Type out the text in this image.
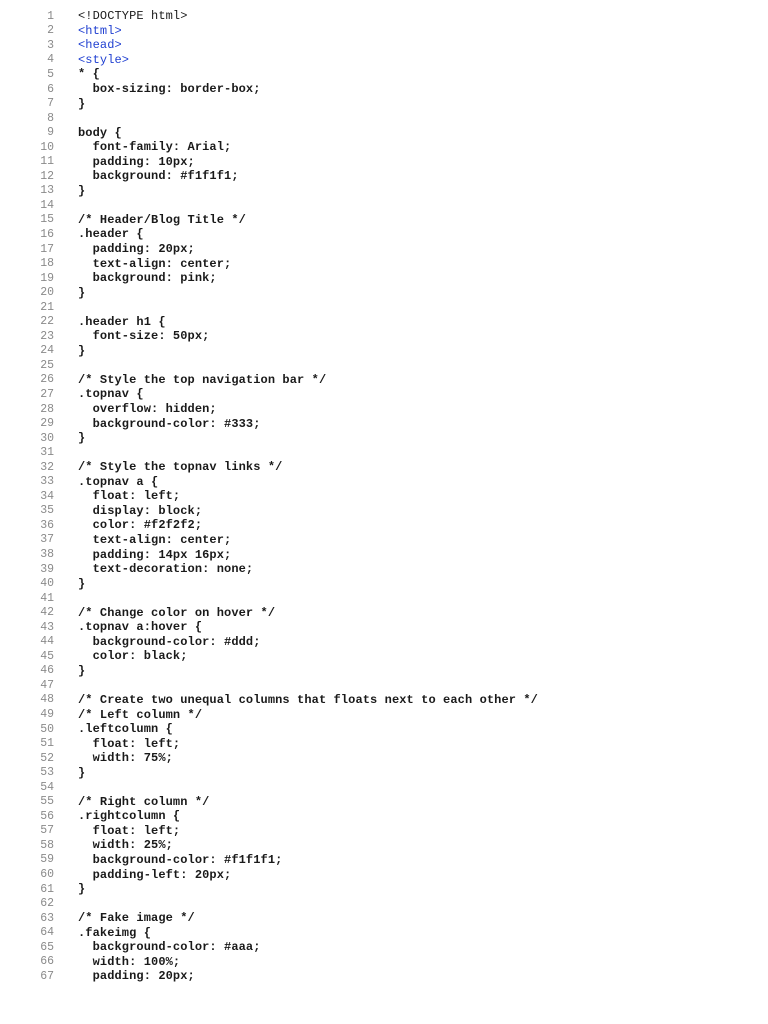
1	<!DOCTYPE html>
2	<html>
3	<head>
4	<style>
5	* {
6	box-sizing: border-box;
7	}
8
9	body {
10	font-family: Arial;
11	padding: 10px;
12	background: #f1f1f1;
13	}
14
15	/* Header/Blog Title */
16	.header {
17	padding: 20px;
18	text-align: center;
19	background: pink;
20	}
21
22	.header h1 {
23	font-size: 50px;
24	}
25
26	/* Style the top navigation bar */
27	.topnav {
28	overflow: hidden;
29	background-color: #333;
30	}
31
32	/* Style the topnav links */
33	.topnav a {
34	float: left;
35	display: block;
36	color: #f2f2f2;
37	text-align: center;
38	padding: 14px 16px;
39	text-decoration: none;
40	}
41
42	/* Change color on hover */
43	.topnav a:hover {
44	background-color: #ddd;
45	color: black;
46	}
47
48	/* Create two unequal columns that floats next to each other */
49	/* Left column */
50	.leftcolumn {
51	float: left;
52	width: 75%;
53	}
54
55	/* Right column */
56	.rightcolumn {
57	float: left;
58	width: 25%;
59	background-color: #f1f1f1;
60	padding-left: 20px;
61	}
62
63	/* Fake image */
64	.fakeimg {
65	background-color: #aaa;
66	width: 100%;
67	padding: 20px;
